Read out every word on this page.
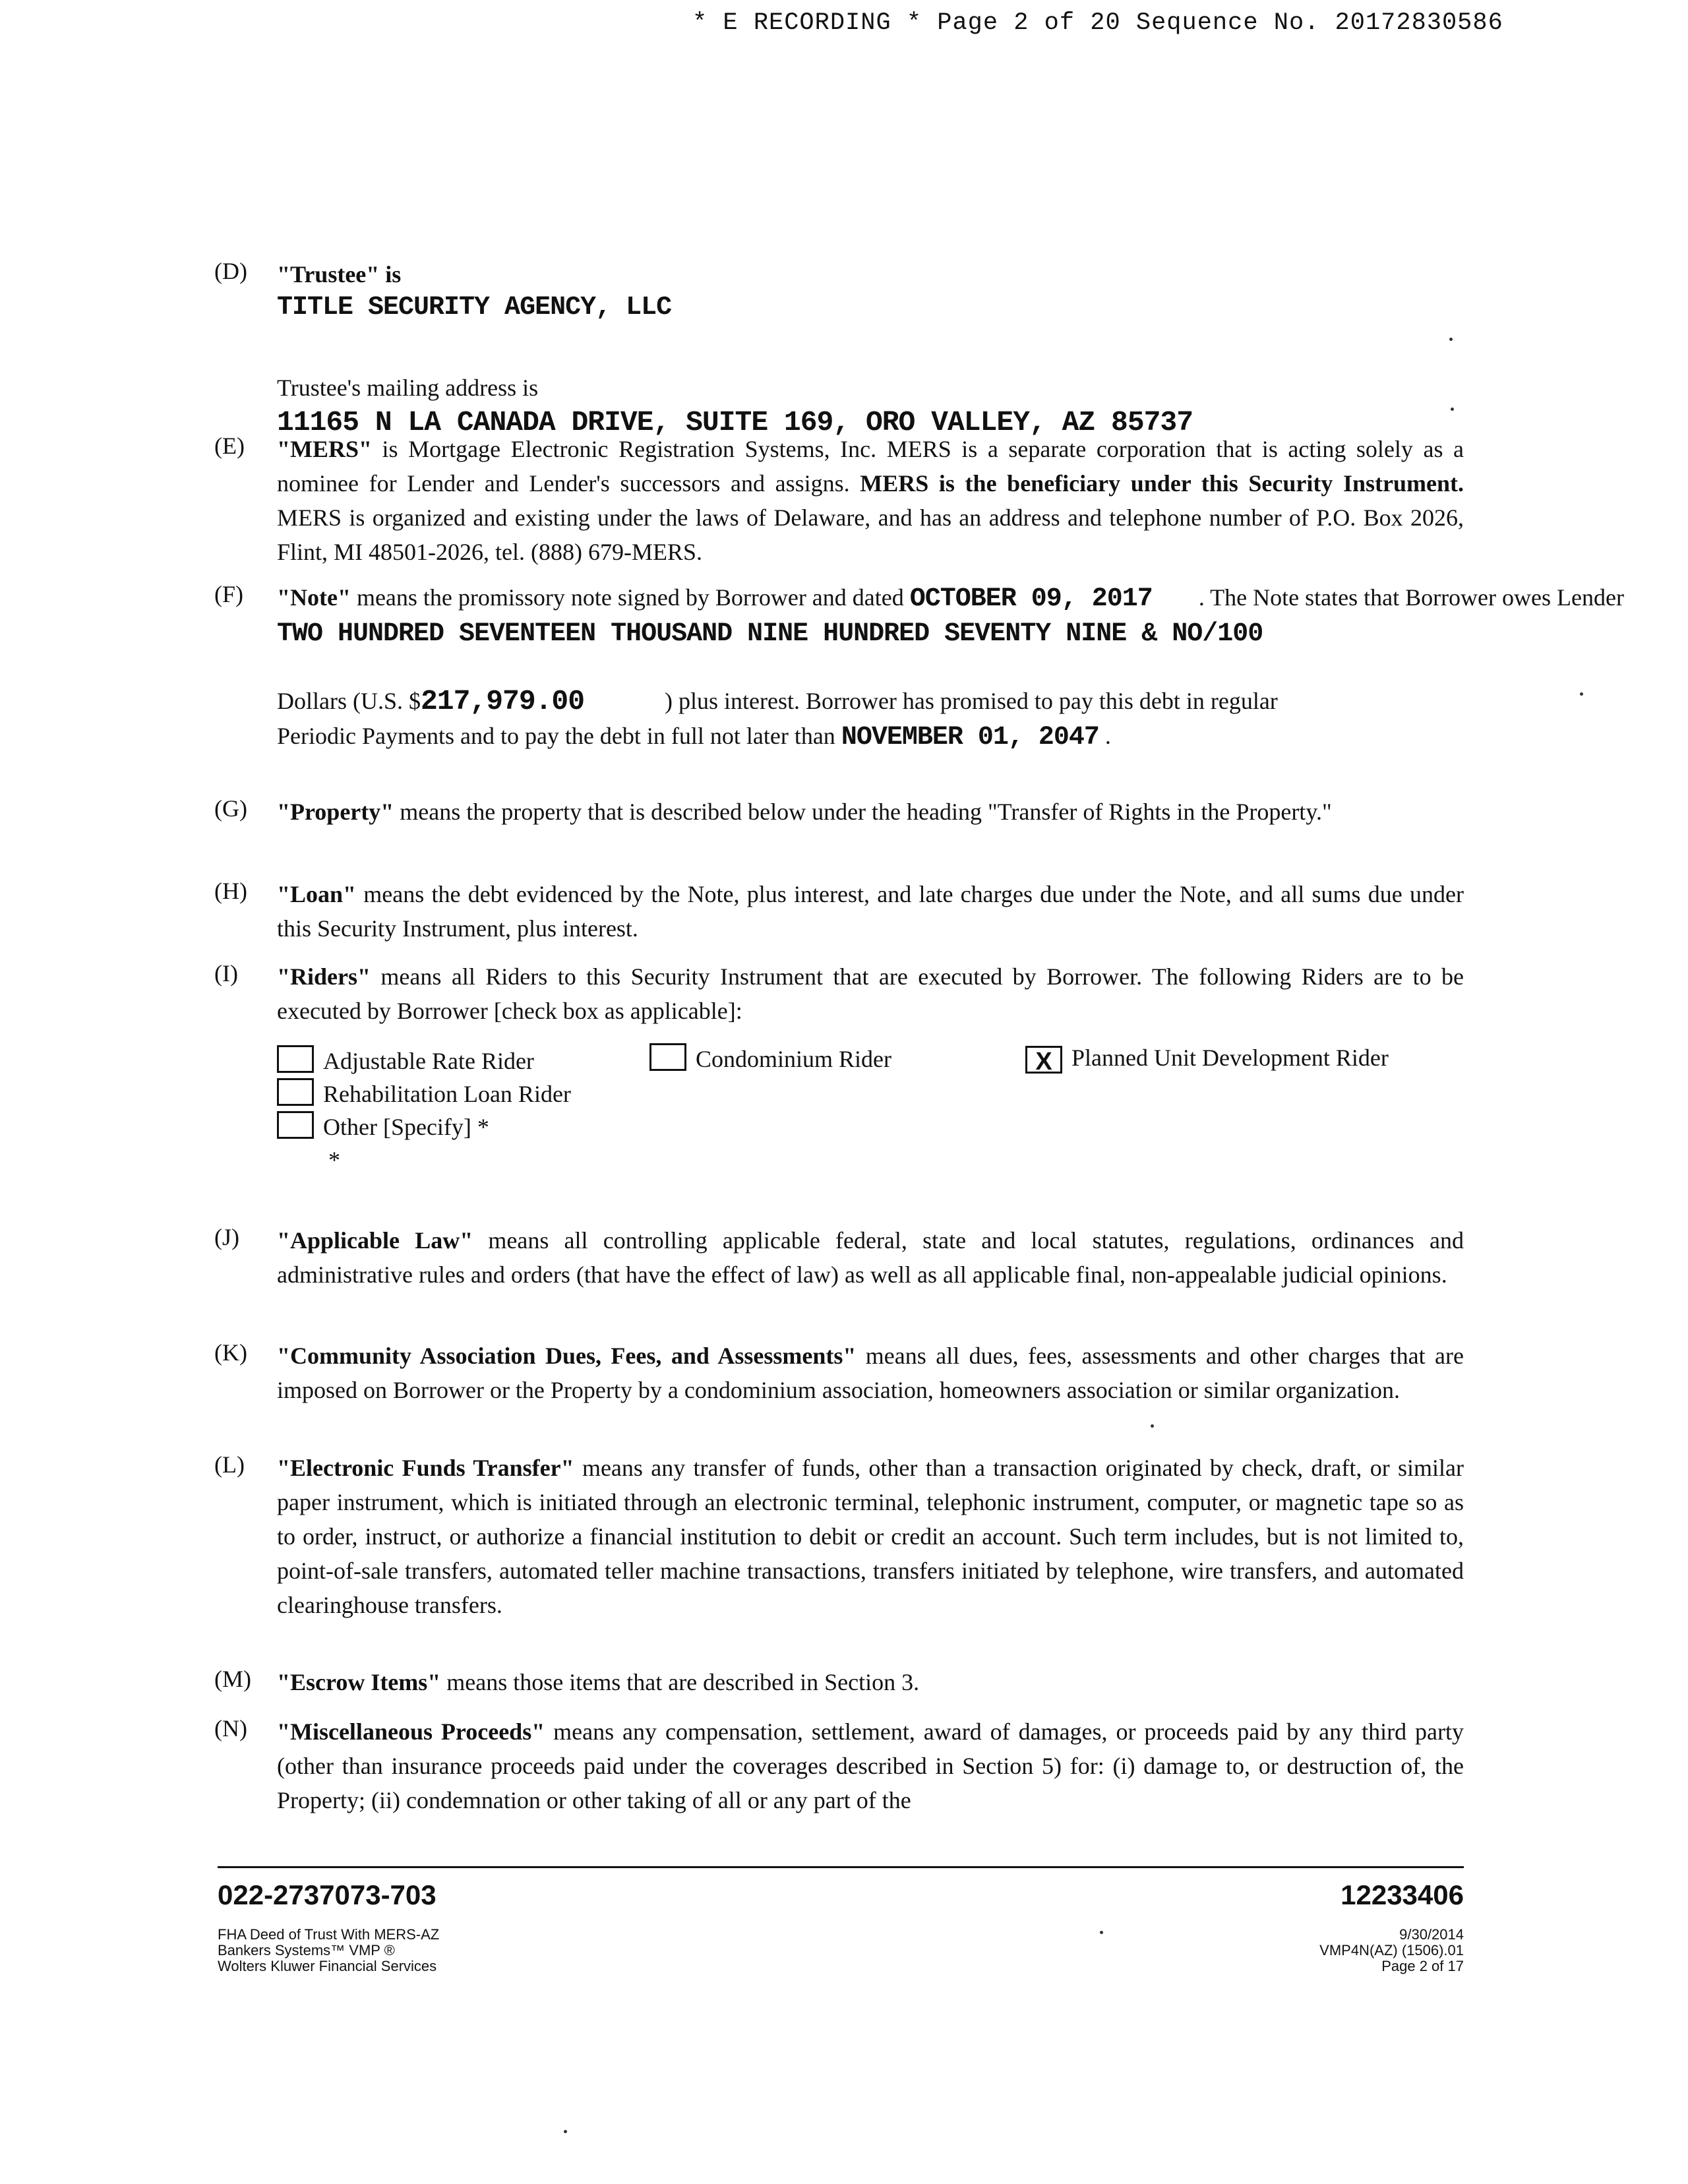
* E RECORDING * Page 2 of 20 Sequence No. 20172830586
(D)	"Trustee" is
TITLE SECURITY AGENCY, LLC
Trustee's mailing address is
11165 N LA CANADA DRIVE, SUITE 169, ORO VALLEY, AZ 85737
(E)	"MERS" is Mortgage Electronic Registration Systems, Inc. MERS is a separate corporation that is acting solely as a nominee for Lender and Lender's successors and assigns. MERS is the beneficiary under this Security Instrument. MERS is organized and existing under the laws of Delaware, and has an address and telephone number of P.O. Box 2026, Flint, MI 48501-2026, tel. (888) 679-MERS.
(F)	"Note" means the promissory note signed by Borrower and dated OCTOBER 09, 2017 . The Note states that Borrower owes Lender
TWO HUNDRED SEVENTEEN THOUSAND NINE HUNDRED SEVENTY NINE & NO/100
Dollars (U.S. $217,979.00	) plus interest. Borrower has promised to pay this debt in regular
Periodic Payments and to pay the debt in full not later than NOVEMBER 01, 2047 .
(G)	"Property" means the property that is described below under the heading "Transfer of Rights in the Property."
(H)	"Loan" means the debt evidenced by the Note, plus interest, and late charges due under the Note, and all sums due under this Security Instrument, plus interest.
(I)	"Riders" means all Riders to this Security Instrument that are executed by Borrower. The following Riders are to be executed by Borrower [check box as applicable]:
Adjustable Rate Rider	Condominium Rider	X Planned Unit Development Rider
Rehabilitation Loan Rider
Other [Specify] *
*
(J)	"Applicable Law" means all controlling applicable federal, state and local statutes, regulations, ordinances and administrative rules and orders (that have the effect of law) as well as all applicable final, non-appealable judicial opinions.
(K)	"Community Association Dues, Fees, and Assessments" means all dues, fees, assessments and other charges that are imposed on Borrower or the Property by a condominium association, homeowners association or similar organization.
(L)	"Electronic Funds Transfer" means any transfer of funds, other than a transaction originated by check, draft, or similar paper instrument, which is initiated through an electronic terminal, telephonic instrument, computer, or magnetic tape so as to order, instruct, or authorize a financial institution to debit or credit an account. Such term includes, but is not limited to, point-of-sale transfers, automated teller machine transactions, transfers initiated by telephone, wire transfers, and automated clearinghouse transfers.
(M)	"Escrow Items" means those items that are described in Section 3.
(N)	"Miscellaneous Proceeds" means any compensation, settlement, award of damages, or proceeds paid by any third party (other than insurance proceeds paid under the coverages described in Section 5) for: (i) damage to, or destruction of, the Property; (ii) condemnation or other taking of all or any part of the
022-2737073-703	12233406
FHA Deed of Trust With MERS-AZ
Bankers Systems™ VMP ®
Wolters Kluwer Financial Services
9/30/2014
VMP4N(AZ) (1506).01
Page 2 of 17
